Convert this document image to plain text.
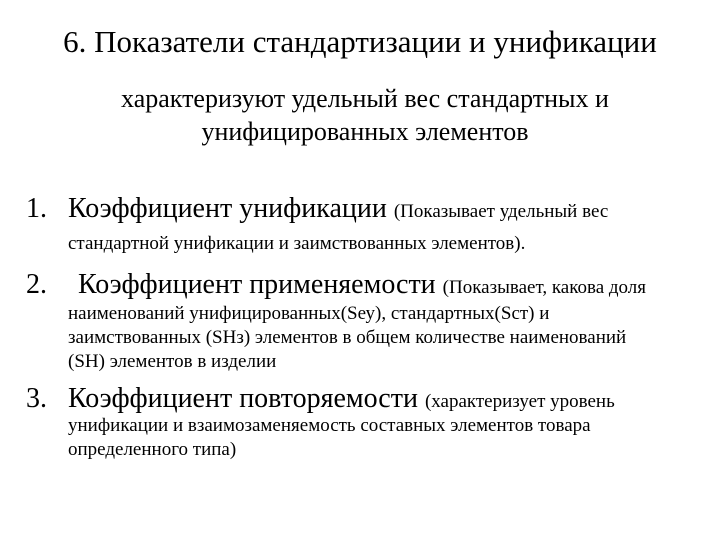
6. Показатели стандартизации и унификации
характеризуют удельный вес стандартных и
унифицированных элементов
1. Коэффициент унификации (Показывает удельный вес
стандартной унификации и заимствованных элементов).
2. Коэффициент применяемости (Показывает, какова доля
наименований унифицированных(Sеу), стандартных(Sст) и
заимствованных (SНз) элементов в общем количестве наименований
(SН) элементов в изделии
3. Коэффициент повторяемости (характеризует уровень
унификации и взаимозаменяемость составных элементов товара
определенного типа)
